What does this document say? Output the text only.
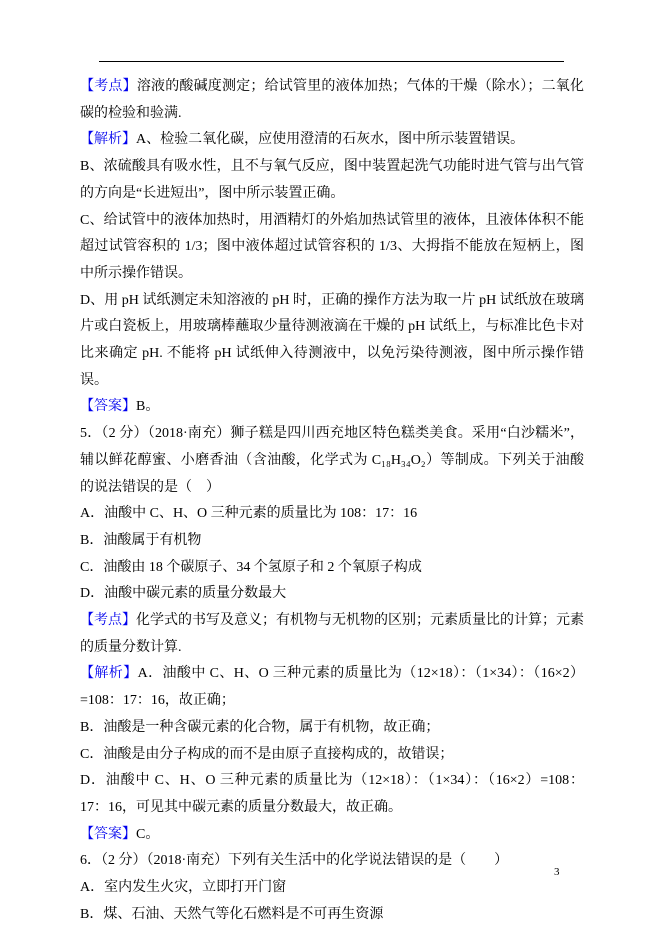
【考点】溶液的酸碱度测定；给试管里的液体加热；气体的干燥（除水）；二氧化碳的检验和验满.

【解析】A、检验二氧化碳，应使用澄清的石灰水，图中所示装置错误。

B、浓硫酸具有吸水性，且不与氧气反应，图中装置起洗气功能时进气管与出气管的方向是“长进短出”，图中所示装置正确。

C、给试管中的液体加热时，用酒精灯的外焰加热试管里的液体，且液体体积不能超过试管容积的 1/3；图中液体超过试管容积的 1/3、大拇指不能放在短柄上，图中所示操作错误。

D、用 pH 试纸测定未知溶液的 pH 时，正确的操作方法为取一片 pH 试纸放在玻璃片或白瓷板上，用玻璃棒蘸取少量待测液滴在干燥的 pH 试纸上，与标准比色卡对比来确定 pH. 不能将 pH 试纸伸入待测液中，以免污染待测液，图中所示操作错误。

【答案】B。

5．（2 分）（2018·南充）狮子糕是四川西充地区特色糕类美食。采用“白沙糯米”，辅以鲜花醇蜜、小磨香油（含油酸，化学式为 C₁₈H₃₄O₂）等制成。下列关于油酸的说法错误的是（　）

A．油酸中 C、H、O 三种元素的质量比为 108：17：16

B．油酸属于有机物

C．油酸由 18 个碳原子、34 个氢原子和 2 个氧原子构成

D．油酸中碳元素的质量分数最大

【考点】化学式的书写及意义；有机物与无机物的区别；元素质量比的计算；元素的质量分数计算.

【解析】A．油酸中 C、H、O 三种元素的质量比为（12×18）：（1×34）：（16×2）=108：17：16，故正确；

B．油酸是一种含碳元素的化合物，属于有机物，故正确；

C．油酸是由分子构成的而不是由原子直接构成的，故错误；

D．油酸中 C、H、O 三种元素的质量比为（12×18）：（1×34）：（16×2）=108：17：16，可见其中碳元素的质量分数最大，故正确。

【答案】C。

6．（2 分）（2018·南充）下列有关生活中的化学说法错误的是（　　）

A．室内发生火灾，立即打开门窗

B．煤、石油、天然气等化石燃料是不可再生资源

3
